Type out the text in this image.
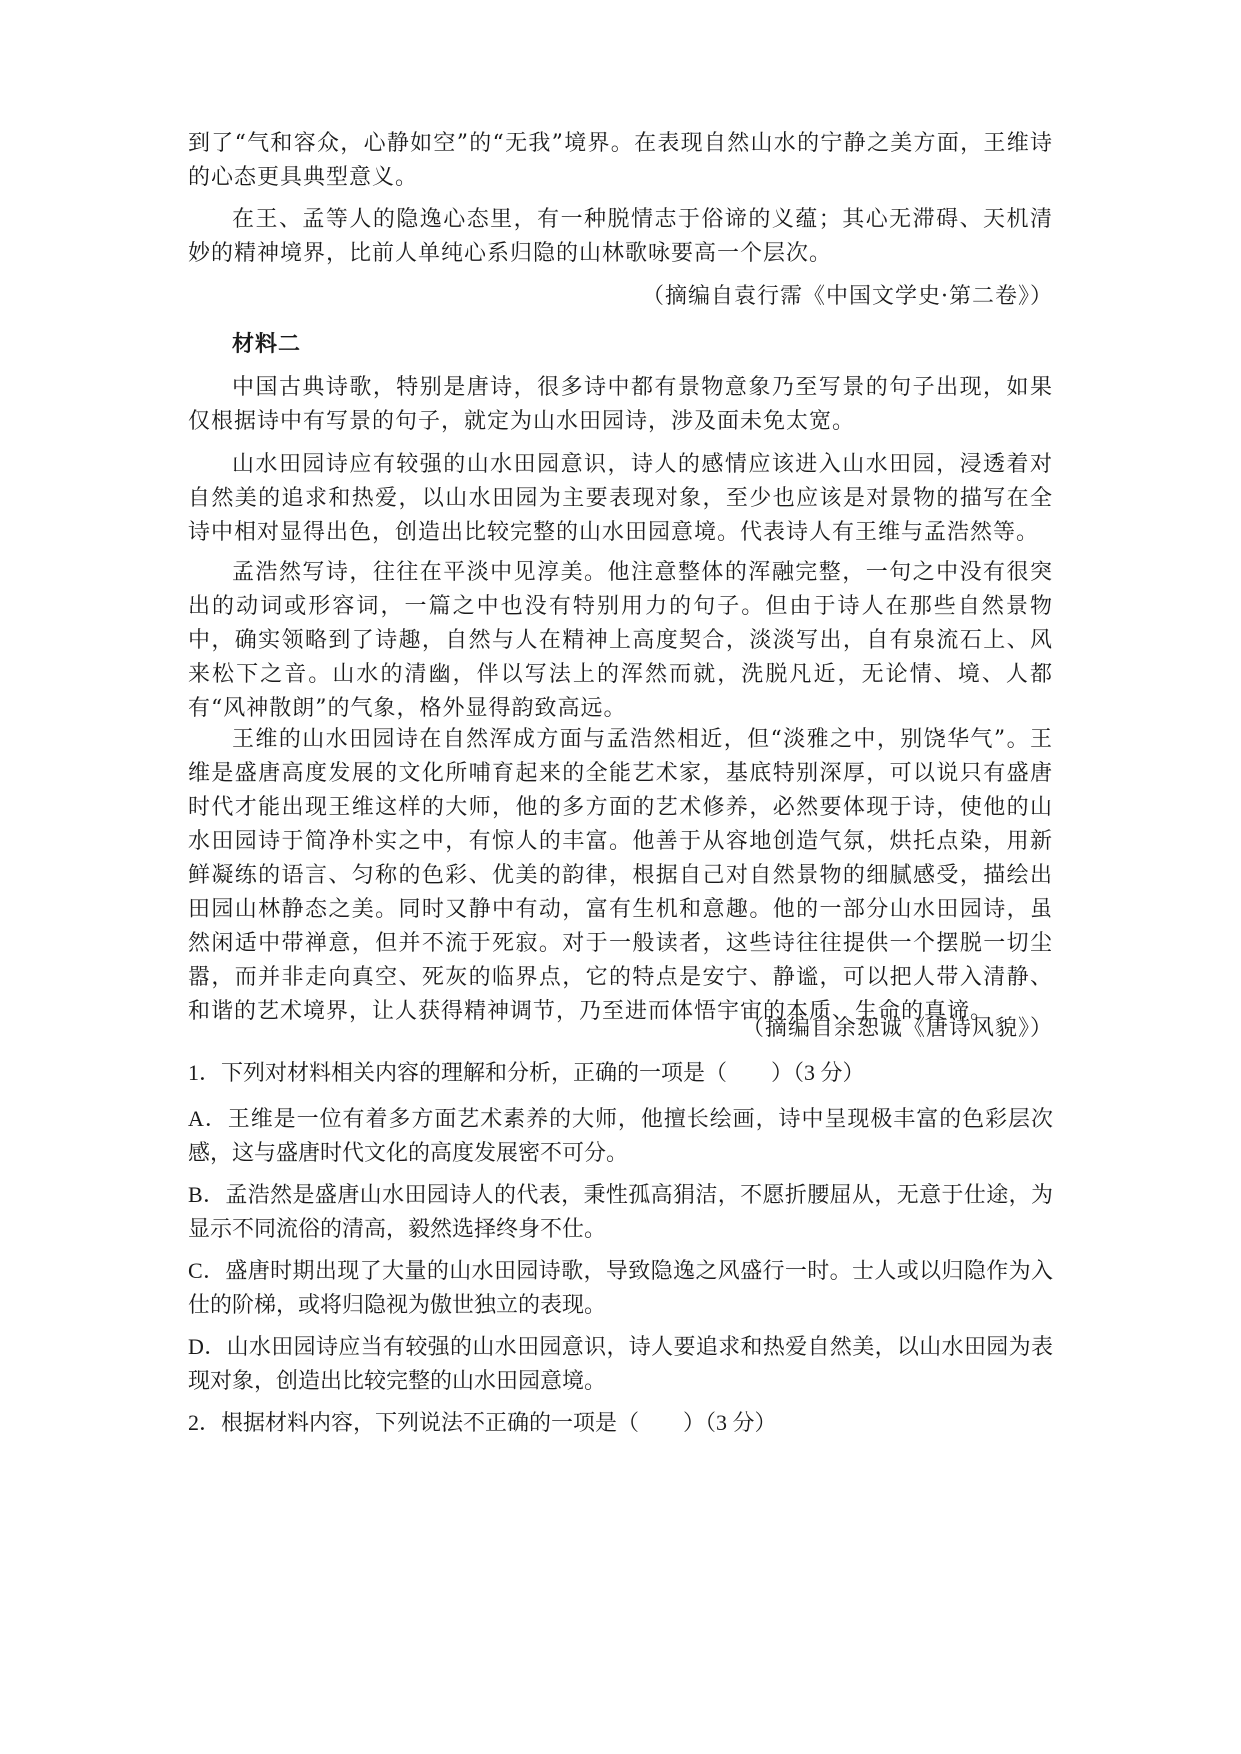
到了“气和容众，心静如空”的“无我”境界。在表现自然山水的宁静之美方面，王维诗的心态更具典型意义。

在王、孟等人的隐逸心态里，有一种脱情志于俗谛的义蕴；其心无滞碍、天机清妙的精神境界，比前人单纯心系归隐的山林歌咏要高一个层次。

（摘编自袁行霈《中国文学史·第二卷》）

材料二

中国古典诗歌，特别是唐诗，很多诗中都有景物意象乃至写景的句子出现，如果仅根据诗中有写景的句子，就定为山水田园诗，涉及面未免太宽。

山水田园诗应有较强的山水田园意识，诗人的感情应该进入山水田园，浸透着对自然美的追求和热爱，以山水田园为主要表现对象，至少也应该是对景物的描写在全诗中相对显得出色，创造出比较完整的山水田园意境。代表诗人有王维与孟浩然等。

孟浩然写诗，往往在平淡中见淳美。他注意整体的浑融完整，一句之中没有很突出的动词或形容词，一篇之中也没有特别用力的句子。但由于诗人在那些自然景物中，确实领略到了诗趣，自然与人在精神上高度契合，淡淡写出，自有泉流石上、风来松下之音。山水的清幽，伴以写法上的浑然而就，洗脱凡近，无论情、境、人都有“风神散朗”的气象，格外显得韵致高远。

王维的山水田园诗在自然浑成方面与孟浩然相近，但“淡雅之中，别饶华气”。王维是盛唐高度发展的文化所哺育起来的全能艺术家，基底特别深厚，可以说只有盛唐时代才能出现王维这样的大师，他的多方面的艺术修养，必然要体现于诗，使他的山水田园诗于简净朴实之中，有惊人的丰富。他善于从容地创造气氛，烘托点染，用新鲜凝练的语言、匀称的色彩、优美的韵律，根据自己对自然景物的细腻感受，描绘出田园山林静态之美。同时又静中有动，富有生机和意趣。他的一部分山水田园诗，虽然闲适中带禅意，但并不流于死寂。对于一般读者，这些诗往往提供一个摆脱一切尘嚣，而并非走向真空、死灰的临界点，它的特点是安宁、静谧，可以把人带入清静、和谐的艺术境界，让人获得精神调节，乃至进而体悟宇宙的本质、生命的真谛。

（摘编自余恕诚《唐诗风貌》）

1．下列对材料相关内容的理解和分析，正确的一项是（　　）（3 分）

A．王维是一位有着多方面艺术素养的大师，他擅长绘画，诗中呈现极丰富的色彩层次感，这与盛唐时代文化的高度发展密不可分。

B．孟浩然是盛唐山水田园诗人的代表，秉性孤高狷洁，不愿折腰屈从，无意于仕途，为显示不同流俗的清高，毅然选择终身不仕。

C．盛唐时期出现了大量的山水田园诗歌，导致隐逸之风盛行一时。士人或以归隐作为入仕的阶梯，或将归隐视为傲世独立的表现。

D．山水田园诗应当有较强的山水田园意识，诗人要追求和热爱自然美，以山水田园为表现对象，创造出比较完整的山水田园意境。

2．根据材料内容，下列说法不正确的一项是（　　）（3 分）
